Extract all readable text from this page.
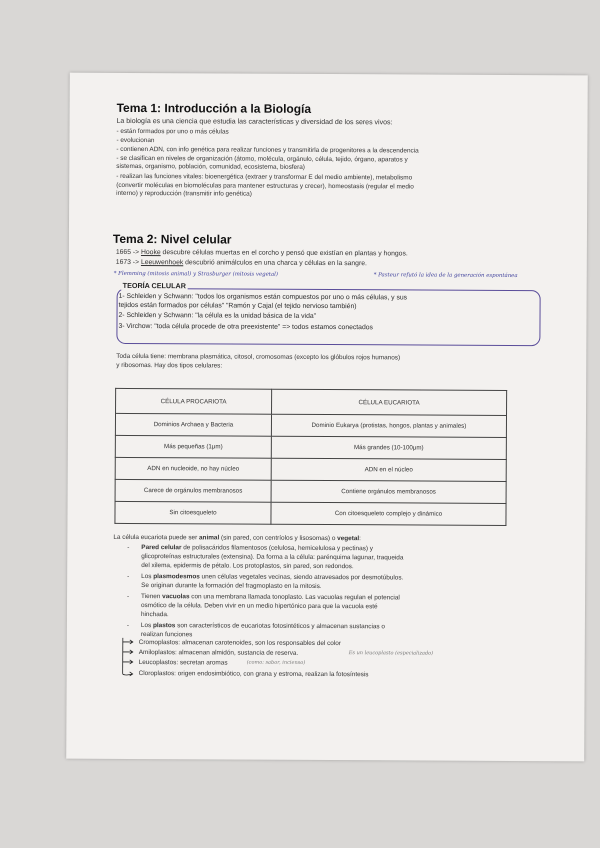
Tema 1: Introducción a la Biología
La biología es una ciencia que estudia las características y diversidad de los seres vivos:
- están formados por uno o más células
- evolucionan
- contienen ADN, con info genética para realizar funciones y transmitirla de progenitores a la descendencia
- se clasifican en niveles de organización (átomo, molécula, orgánulo, célula, tejido, órgano, aparatos y
sistemas, organismo, población, comunidad, ecosistema, biosfera)
- realizan las funciones vitales: bioenergética (extraer y transformar E del medio ambiente), metabolismo
(convertir moléculas en biomoléculas para mantener estructuras y crecer), homeostasis (regular el medio
interno) y reproducción (transmitir info genética)
Tema 2: Nivel celular
1665 -> Hooke descubre células muertas en el corcho y pensó que existían en plantas y hongos.
1673 -> Leeuwenhoek descubrió animálculos en una charca y células en la sangre.
* Flemming (mitosis animal) y Strasburger (mitosis vegetal)	* Pasteur refutó la idea de la generación espontánea
TEORÍA CELULAR
1- Schleiden y Schwann: "todos los organismos están compuestos por uno o más células, y sus
tejidos están formados por células" "Ramón y Cajal (el tejido nervioso también)
2- Schleiden y Schwann: "la célula es la unidad básica de la vida"
3- Virchow: "toda célula procede de otra preexistente" => todos estamos conectados
Toda célula tiene: membrana plasmática, citosol, cromosomas (excepto los glóbulos rojos humanos)
y ribosomas. Hay dos tipos celulares:
CÉLULA PROCARIOTA	CÉLULA EUCARIOTA
Dominios Archaea y Bacteria	Dominio Eukarya (protistas, hongos, plantas y animales)
Más pequeñas (1μm)	Más grandes (10-100μm)
ADN en nucleoide, no hay núcleo	ADN en el núcleo
Carece de orgánulos membranosos	Contiene orgánulos membranosos
Sin citoesqueleto	Con citoesqueleto complejo y dinámico
La célula eucariota puede ser animal (sin pared, con centríolos y lisosomas) o vegetal:
- Pared celular de polisacáridos filamentosos (celulosa, hemicelulosa y pectinas) y
glicoproteínas estructurales (extensina). Da forma a la célula: parénquima lagunar, traqueida
del xilema, epidermis de pétalo. Los protoplastos, sin pared, son redondos.
- Los plasmodesmos unen células vegetales vecinas, siendo atravesados por desmotúbulos.
Se originan durante la formación del fragmoplasto en la mitosis.
- Tienen vacuolas con una membrana llamada tonoplasto. Las vacuolas regulan el potencial
osmótico de la célula. Deben vivir en un medio hipertónico para que la vacuola esté
hinchada.
- Los plastos son característicos de eucariotas fotosintéticos y almacenan sustancias o
realizan funciones
Cromoplastos: almacenan carotenoides, son los responsables del color
Amiloplastos: almacenan almidón, sustancia de reserva.	Es un leucoplasto (especializado)
Leucoplastos: secretan aromas	(como: sabor, incienso)
Cloroplastos: origen endosimbiótico, con grana y estroma, realizan la fotosíntesis
